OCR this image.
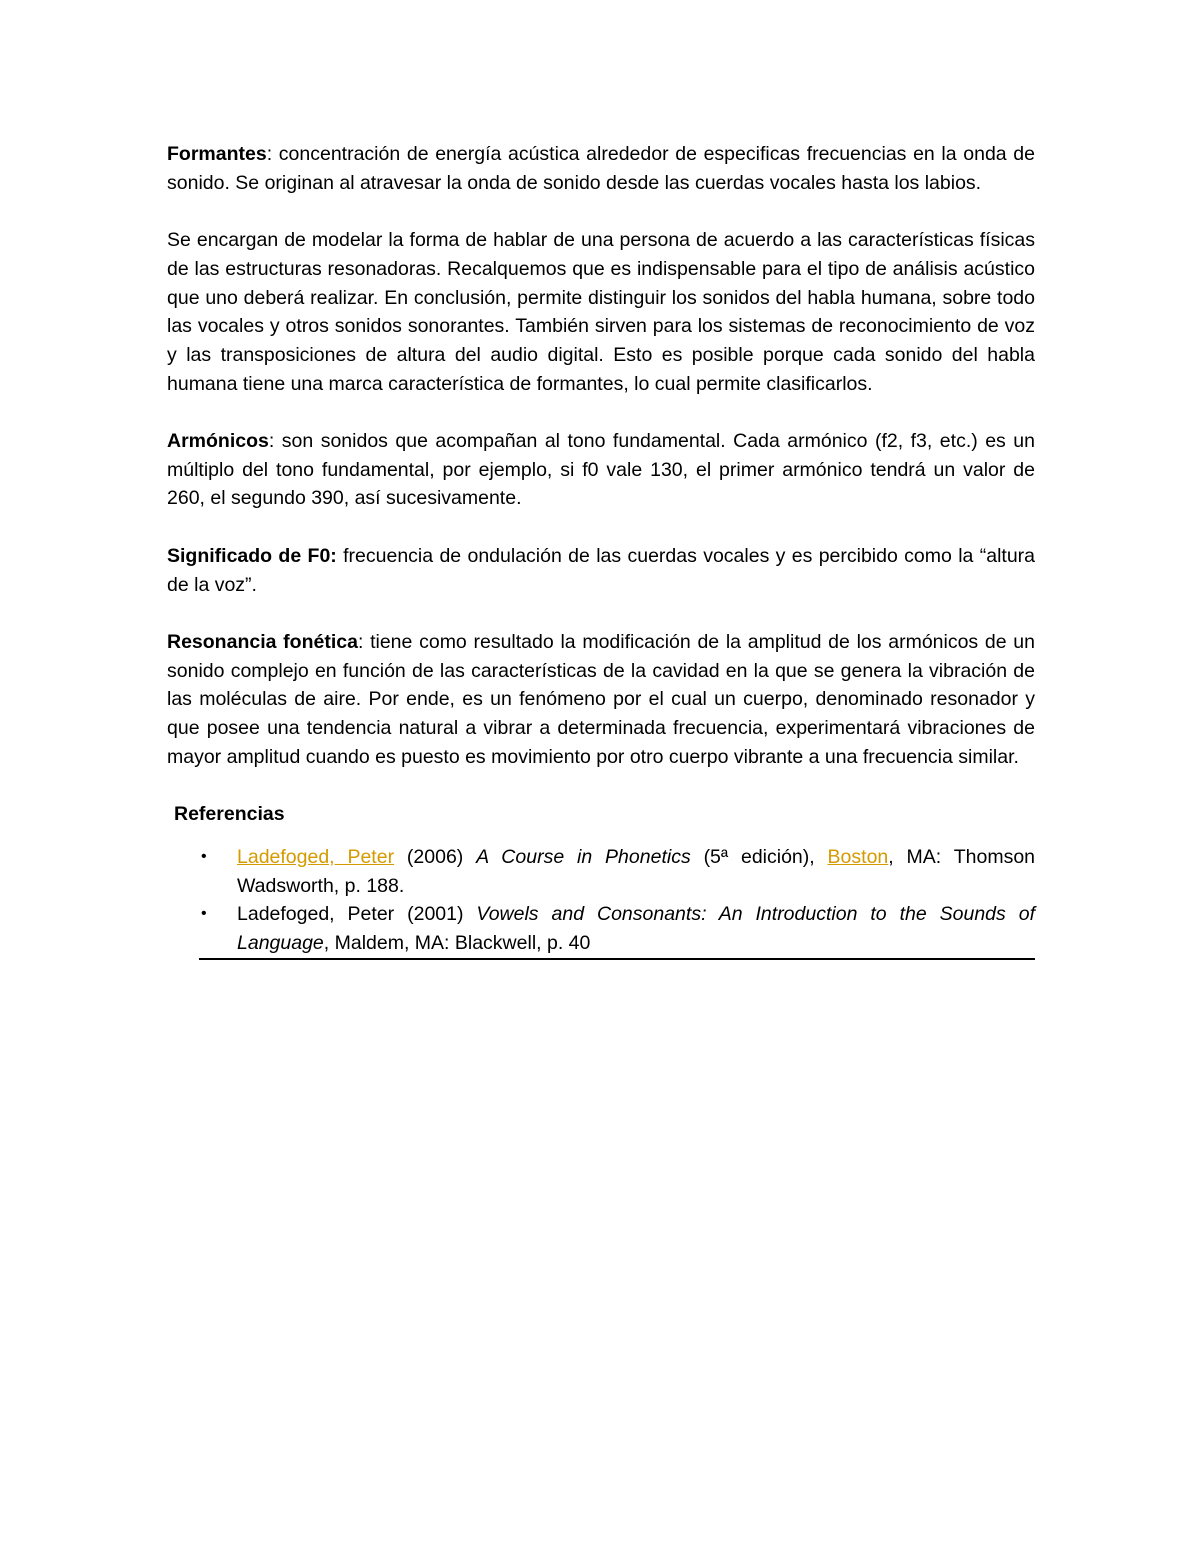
Formantes: concentración de energía acústica alrededor de especificas frecuencias en la onda de sonido. Se originan al atravesar la onda de sonido desde las cuerdas vocales hasta los labios.

Se encargan de modelar la forma de hablar de una persona de acuerdo a las características físicas de las estructuras resonadoras. Recalquemos que es indispensable para el tipo de análisis acústico que uno deberá realizar. En conclusión, permite distinguir los sonidos del habla humana, sobre todo las vocales y otros sonidos sonorantes. También sirven para los sistemas de reconocimiento de voz y las transposiciones de altura del audio digital. Esto es posible porque cada sonido del habla humana tiene una marca característica de formantes, lo cual permite clasificarlos.

Armónicos: son sonidos que acompañan al tono fundamental. Cada armónico (f2, f3, etc.) es un múltiplo del tono fundamental, por ejemplo, si f0 vale 130, el primer armónico tendrá un valor de 260, el segundo 390, así sucesivamente.

Significado de F0: frecuencia de ondulación de las cuerdas vocales y es percibido como la “altura de la voz”.

Resonancia fonética: tiene como resultado la modificación de la amplitud de los armónicos de un sonido complejo en función de las características de la cavidad en la que se genera la vibración de las moléculas de aire. Por ende, es un fenómeno por el cual un cuerpo, denominado resonador y que posee una tendencia natural a vibrar a determinada frecuencia, experimentará vibraciones de mayor amplitud cuando es puesto es movimiento por otro cuerpo vibrante a una frecuencia similar.

Referencias

• Ladefoged, Peter (2006) A Course in Phonetics (5ª edición), Boston, MA: Thomson Wadsworth, p. 188.
• Ladefoged, Peter (2001) Vowels and Consonants: An Introduction to the Sounds of Language, Maldem, MA: Blackwell, p. 40
